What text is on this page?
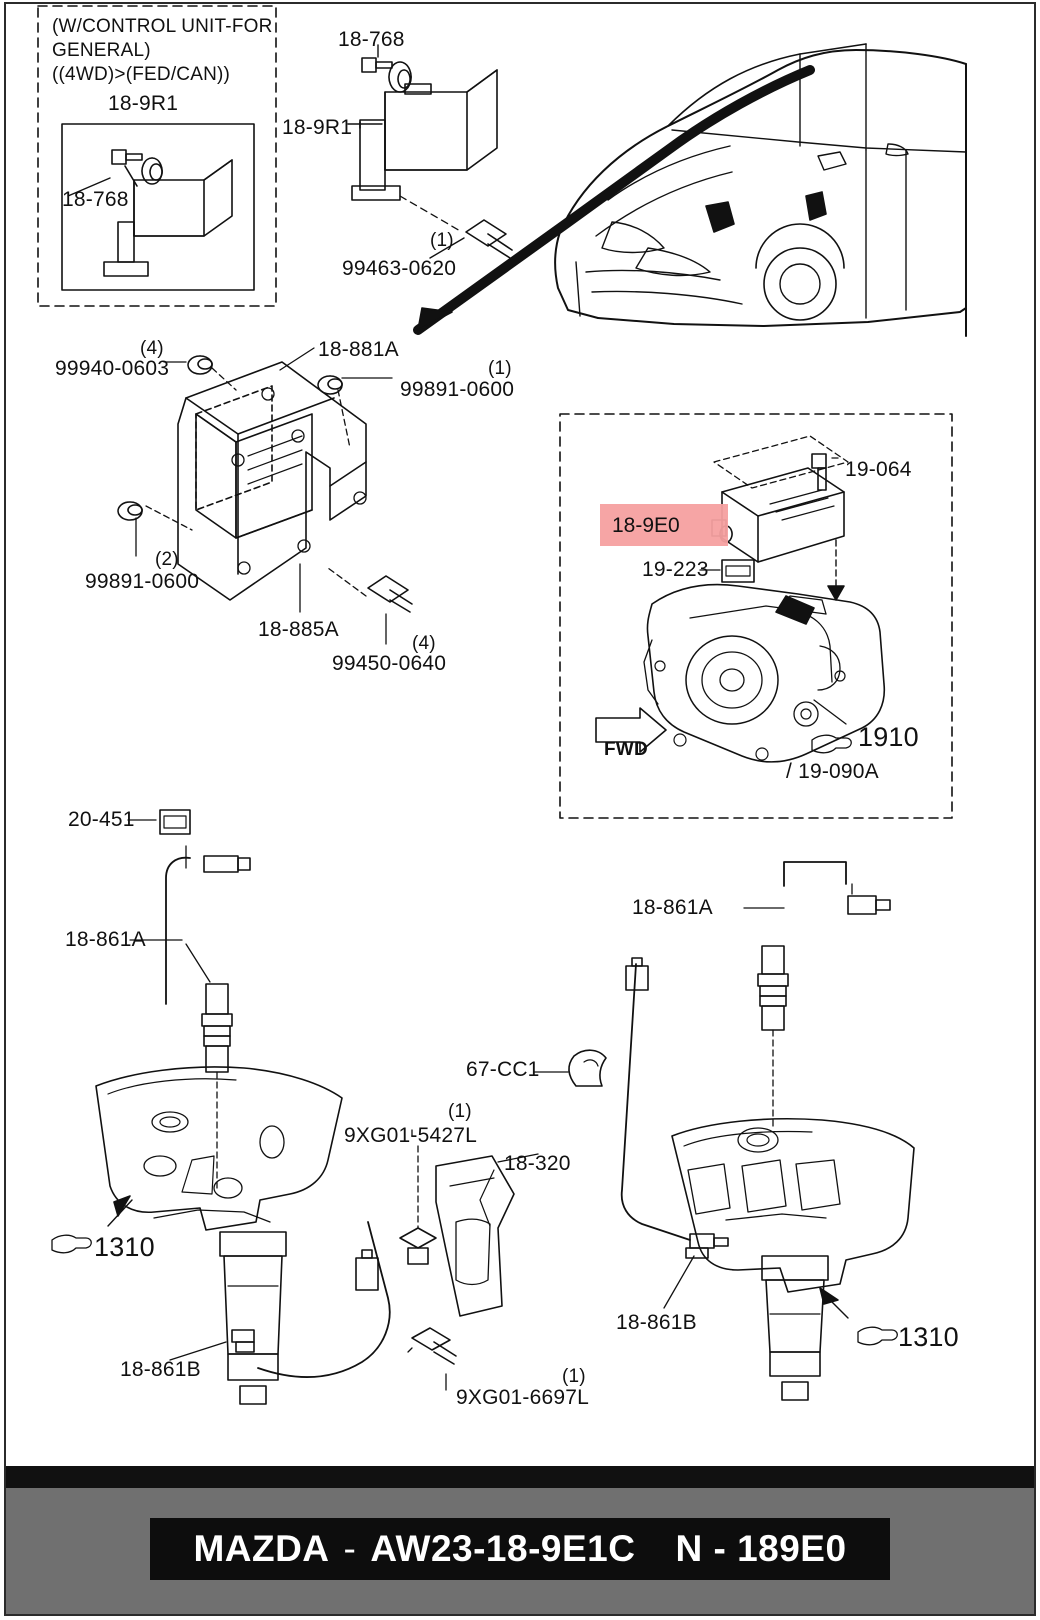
18-9E0
(W/CONTROL UNIT-FOR
GENERAL)
((4WD)>(FED/CAN))
18-9R1
18-768
18-768
18-9R1
99463-0620
(1)
99940-0603
(4)	18-881A
99891-0600
(1)
99891-0600
(2)
18-885A
99450-0640
(4)
19-064
19-223
1910
/ 19-090A
FWD
20-451
18-861A
18-861A
67-CC1
9XG01-5427L
(1)
18-320
1310
18-861B
18-861B
9XG01-6697L
(1)
1310
MAZDA - AW23-18-9E1C N - 189E0
